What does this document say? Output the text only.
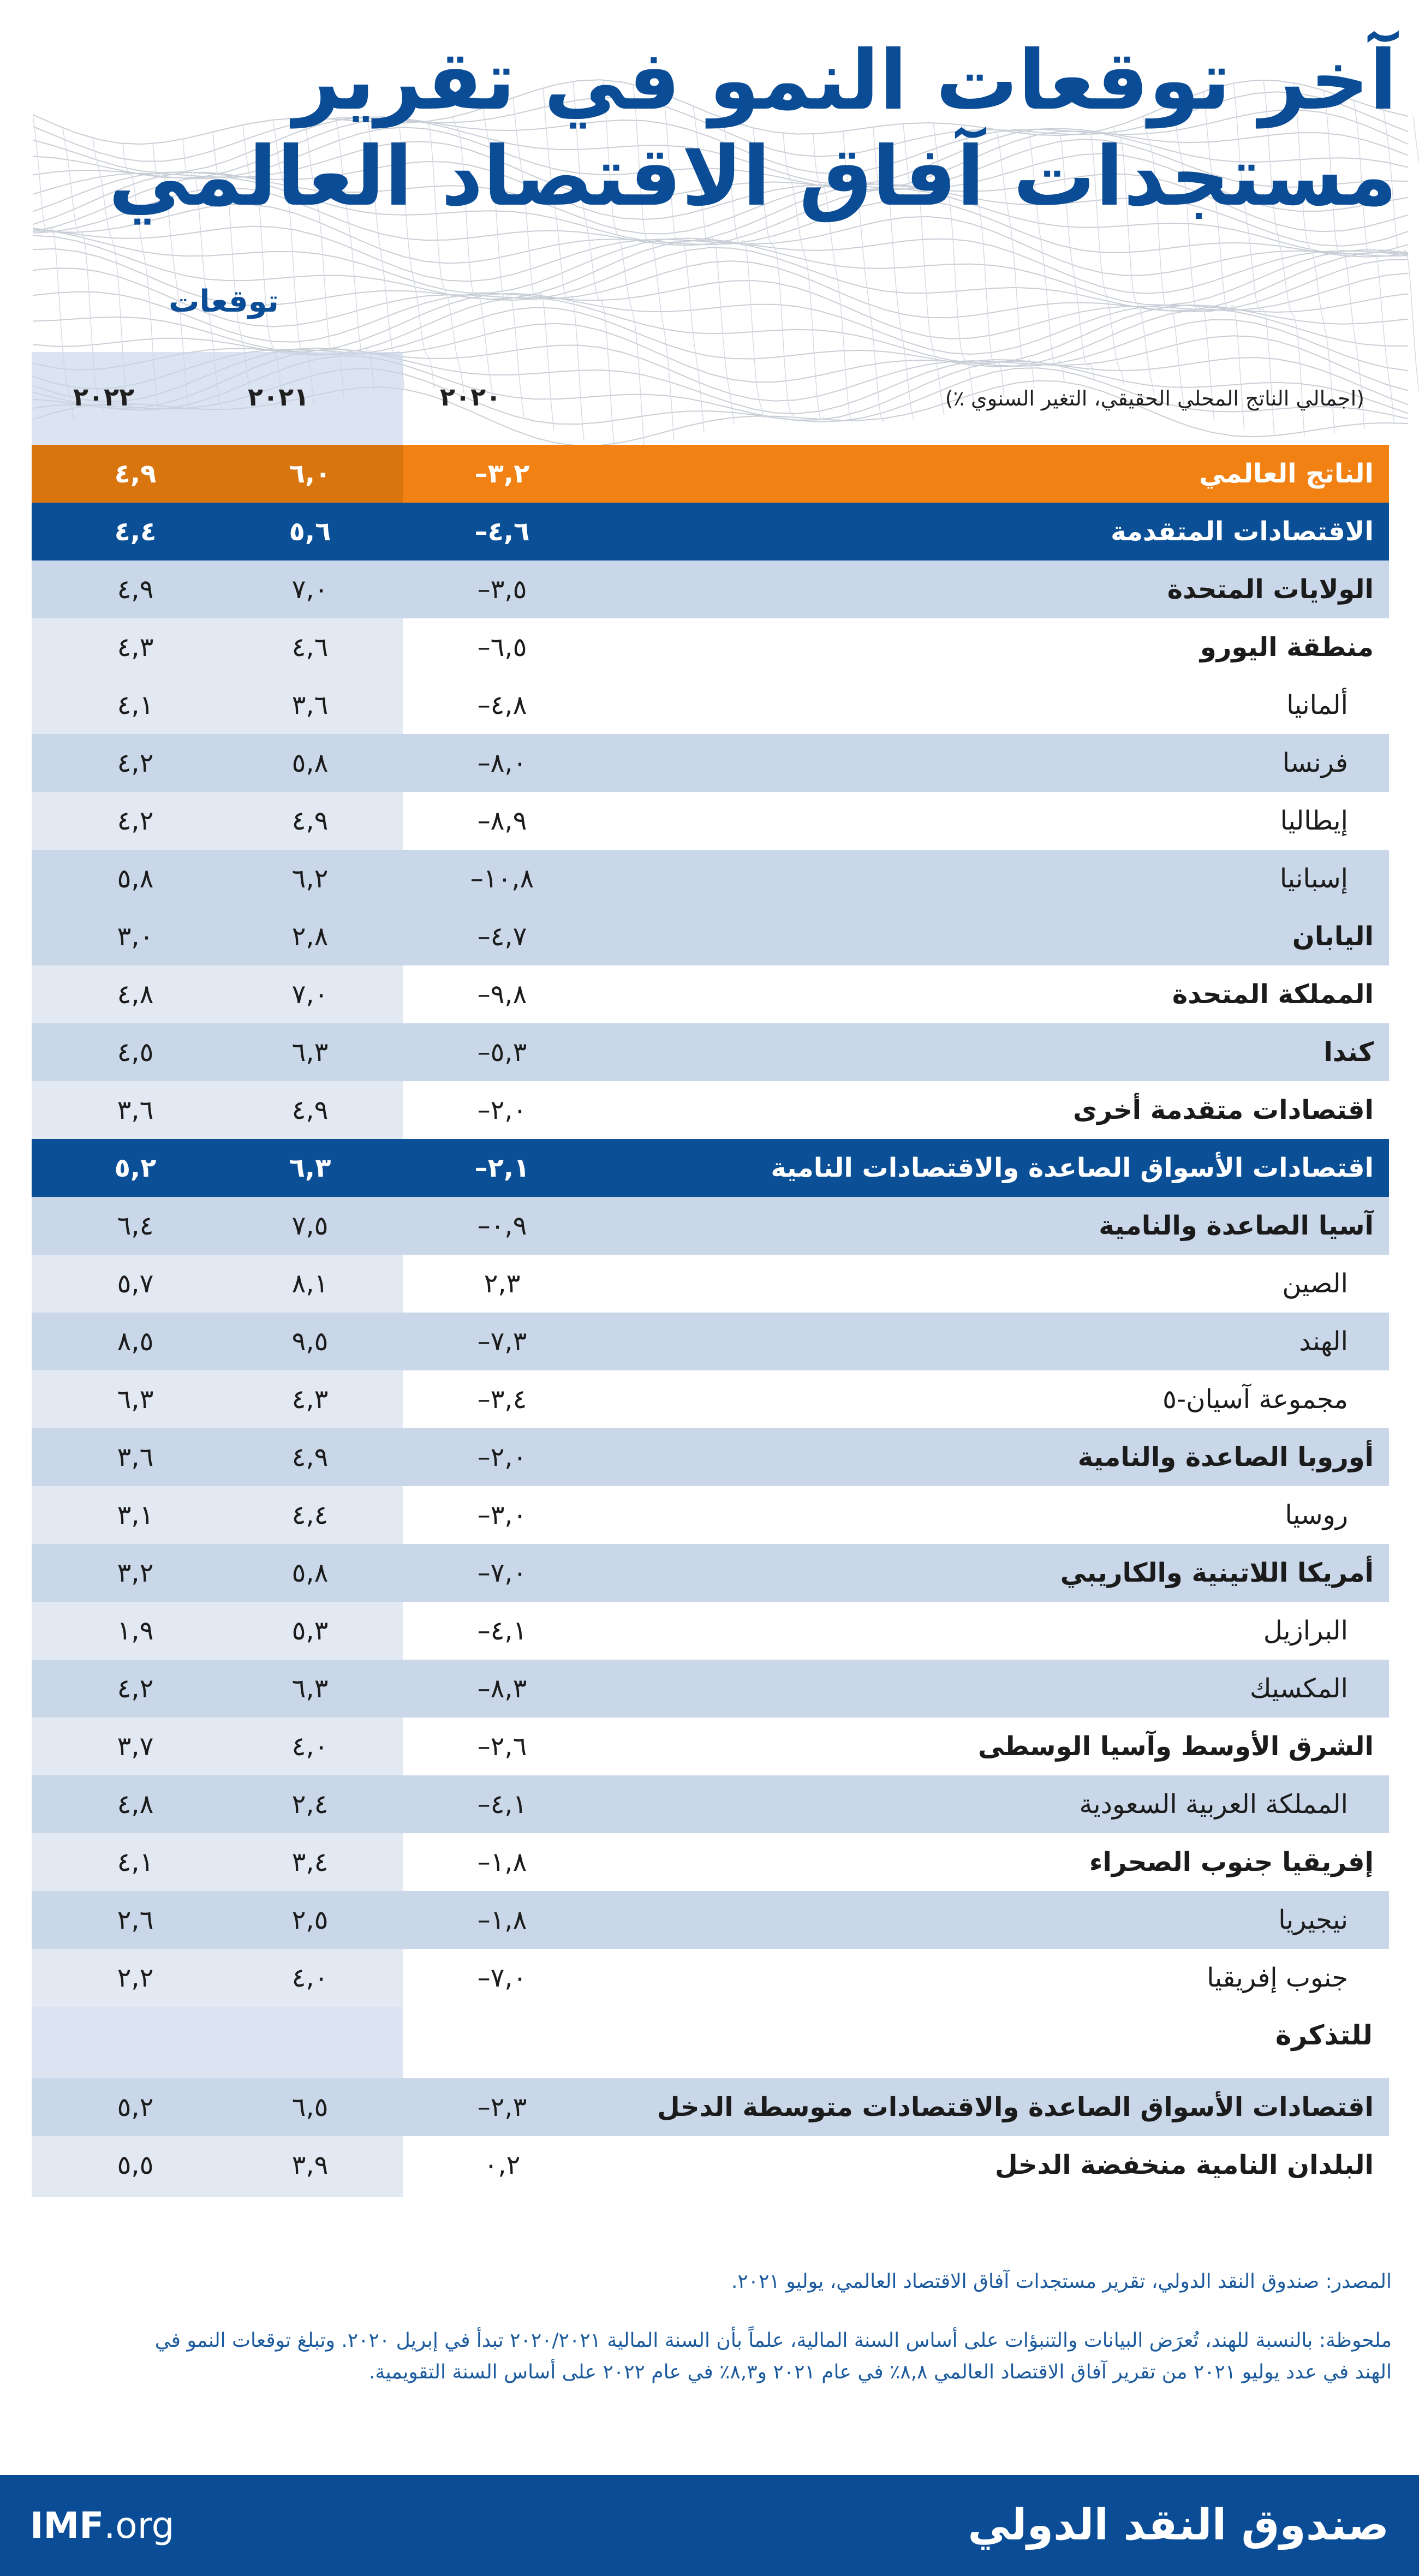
آخر توقعات النمو في تقرير
مستجدات آفاق الاقتصاد العالمي
توقعات
٢٠٢٠
٢٠٢١
٢٠٢٢	(اجمالي الناتج المحلي الحقيقي، التغير السنوي ٪)
الناتج العالمي
–٣,٢
٦,٠
٤,٩
الاقتصادات المتقدمة
–٤,٦
٥,٦
٤,٤
الولايات المتحدة
–٣,٥
٧,٠
٤,٩
منطقة اليورو
–٦,٥
٤,٦
٤,٣
ألمانيا
–٤,٨
٣,٦
٤,١
فرنسا
–٨,٠
٥,٨
٤,٢
إيطاليا
–٨,٩
٤,٩
٤,٢
إسبانيا
–١٠,٨
٦,٢
٥,٨
اليابان
–٤,٧
٢,٨
٣,٠
المملكة المتحدة
–٩,٨
٧,٠
٤,٨
كندا
–٥,٣
٦,٣
٤,٥
اقتصادات متقدمة أخرى
–٢,٠
٤,٩
٣,٦
اقتصادات الأسواق الصاعدة والاقتصادات النامية
–٢,١
٦,٣
٥,٢
آسيا الصاعدة والنامية
–٠,٩
٧,٥
٦,٤
الصين
٢,٣
٨,١
٥,٧
الهند
–٧,٣
٩,٥
٨,٥
مجموعة آسيان-٥
–٣,٤
٤,٣
٦,٣
أوروبا الصاعدة والنامية
–٢,٠
٤,٩
٣,٦
روسيا
–٣,٠
٤,٤
٣,١
أمريكا اللاتينية والكاريبي
–٧,٠
٥,٨
٣,٢
البرازيل
–٤,١
٥,٣
١,٩
المكسيك
–٨,٣
٦,٣
٤,٢
الشرق الأوسط وآسيا الوسطى
–٢,٦
٤,٠
٣,٧
المملكة العربية السعودية
–٤,١
٢,٤
٤,٨
إفريقيا جنوب الصحراء
–١,٨
٣,٤
٤,١
نيجيريا
–١,٨
٢,٥
٢,٦
جنوب إفريقيا
–٧,٠
٤,٠
٢,٢
اقتصادات الأسواق الصاعدة والاقتصادات متوسطة الدخل
–٢,٣
٦,٥
٥,٢
البلدان النامية منخفضة الدخل
٠,٢
٣,٩
٥,٥
للتذكرة
المصدر: صندوق النقد الدولي، تقرير مستجدات آفاق الاقتصاد العالمي، يوليو ٢٠٢١.
ملحوظة: بالنسبة للهند، تُعرَض البيانات والتنبؤات على أساس السنة المالية، علماً بأن السنة المالية ٢٠٢٠/٢٠٢١ تبدأ في إبريل ٢٠٢٠. وتبلغ توقعات النمو في
الهند في عدد يوليو ٢٠٢١ من تقرير آفاق الاقتصاد العالمي ٨,٨٪ في عام ٢٠٢١ و٨,٣٪ في عام ٢٠٢٢ على أساس السنة التقويمية.
IMF.org	صندوق النقد الدولي
